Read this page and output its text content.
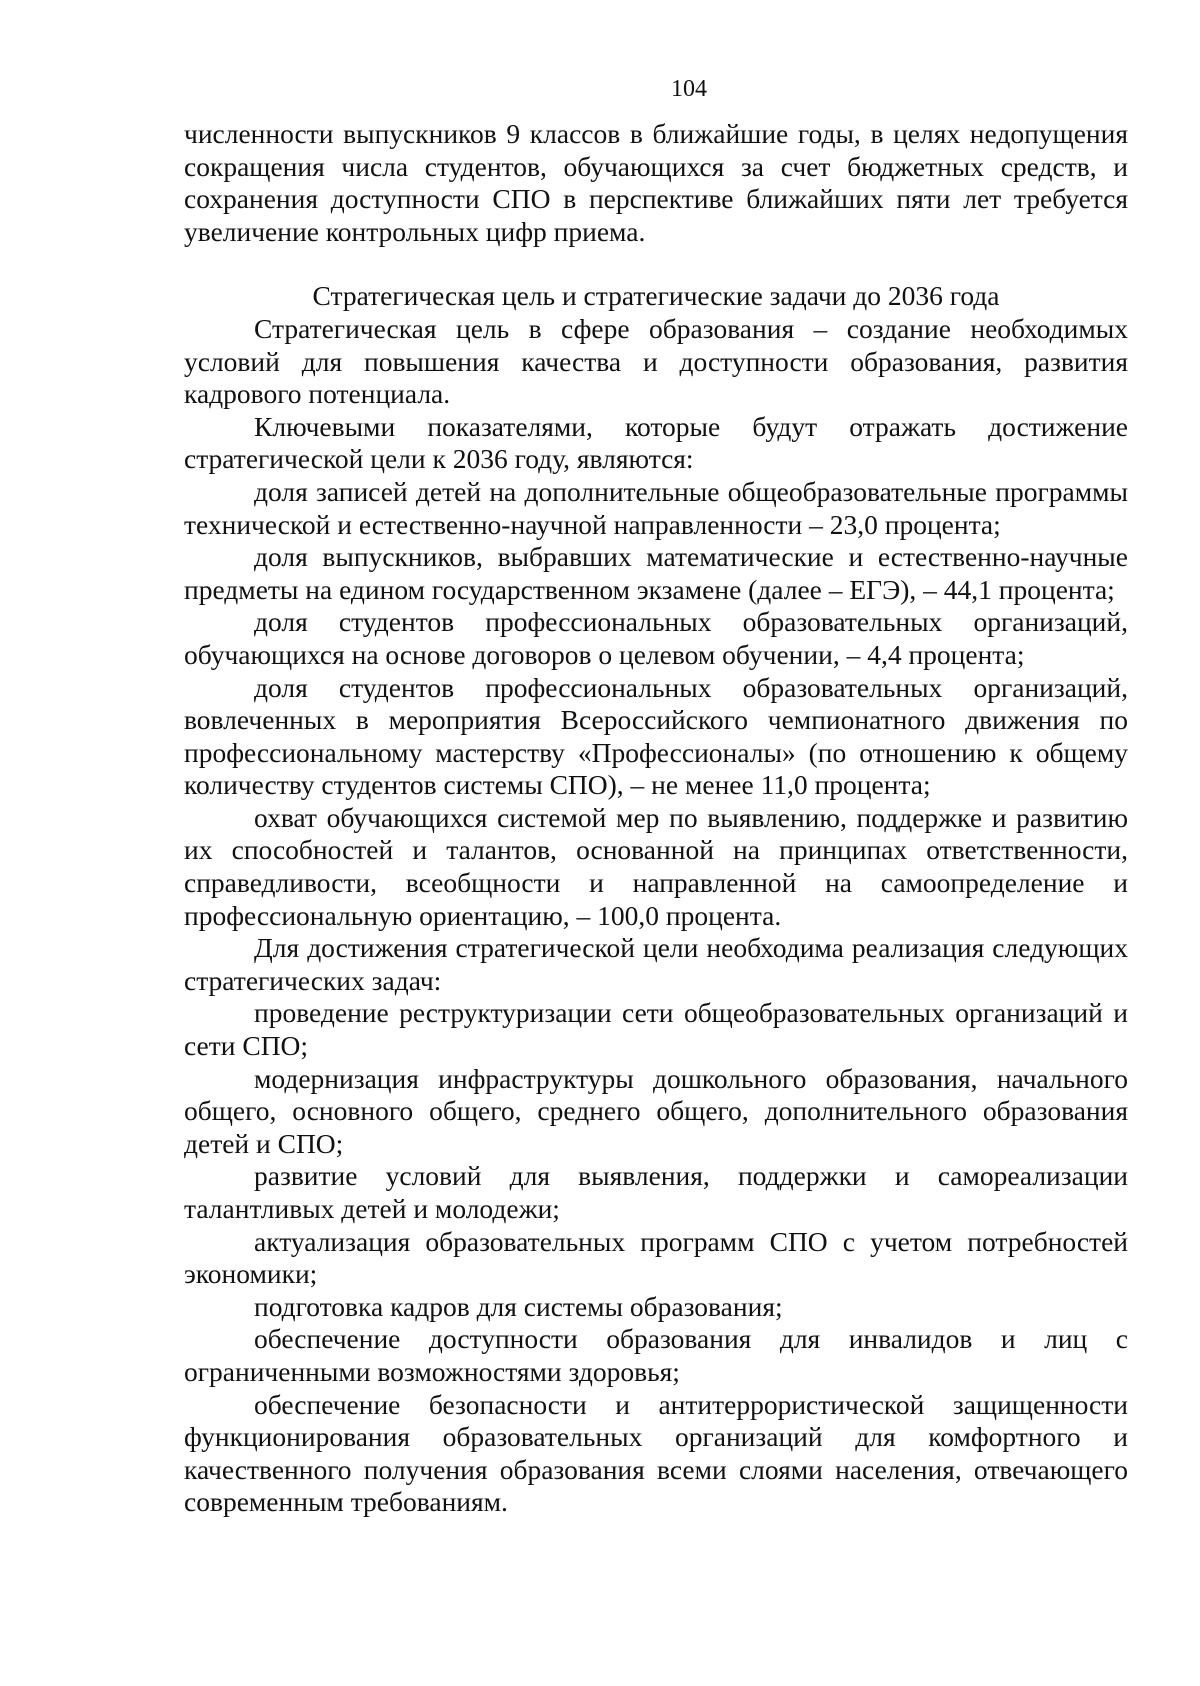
104

численности выпускников 9 классов в ближайшие годы, в целях недопущения сокращения числа студентов, обучающихся за счет бюджетных средств, и сохранения доступности СПО в перспективе ближайших пяти лет требуется увеличение контрольных цифр приема.

Стратегическая цель и стратегические задачи до 2036 года

Стратегическая цель в сфере образования – создание необходимых условий для повышения качества и доступности образования, развития кадрового потенциала.

Ключевыми показателями, которые будут отражать достижение стратегической цели к 2036 году, являются:

доля записей детей на дополнительные общеобразовательные программы технической и естественно-научной направленности – 23,0 процента;

доля выпускников, выбравших математические и естественно-научные предметы на едином государственном экзамене (далее – ЕГЭ), – 44,1 процента;

доля студентов профессиональных образовательных организаций, обучающихся на основе договоров о целевом обучении, – 4,4 процента;

доля студентов профессиональных образовательных организаций, вовлеченных в мероприятия Всероссийского чемпионатного движения по профессиональному мастерству «Профессионалы» (по отношению к общему количеству студентов системы СПО), – не менее 11,0 процента;

охват обучающихся системой мер по выявлению, поддержке и развитию их способностей и талантов, основанной на принципах ответственности, справедливости, всеобщности и направленной на самоопределение и профессиональную ориентацию, – 100,0 процента.

Для достижения стратегической цели необходима реализация следующих стратегических задач:

проведение реструктуризации сети общеобразовательных организаций и сети СПО;

модернизация инфраструктуры дошкольного образования, начального общего, основного общего, среднего общего, дополнительного образования детей и СПО;

развитие условий для выявления, поддержки и самореализации талантливых детей и молодежи;

актуализация образовательных программ СПО с учетом потребностей экономики;

подготовка кадров для системы образования;

обеспечение доступности образования для инвалидов и лиц с ограниченными возможностями здоровья;

обеспечение безопасности и антитеррористической защищенности функционирования образовательных организаций для комфортного и качественного получения образования всеми слоями населения, отвечающего современным требованиям.
